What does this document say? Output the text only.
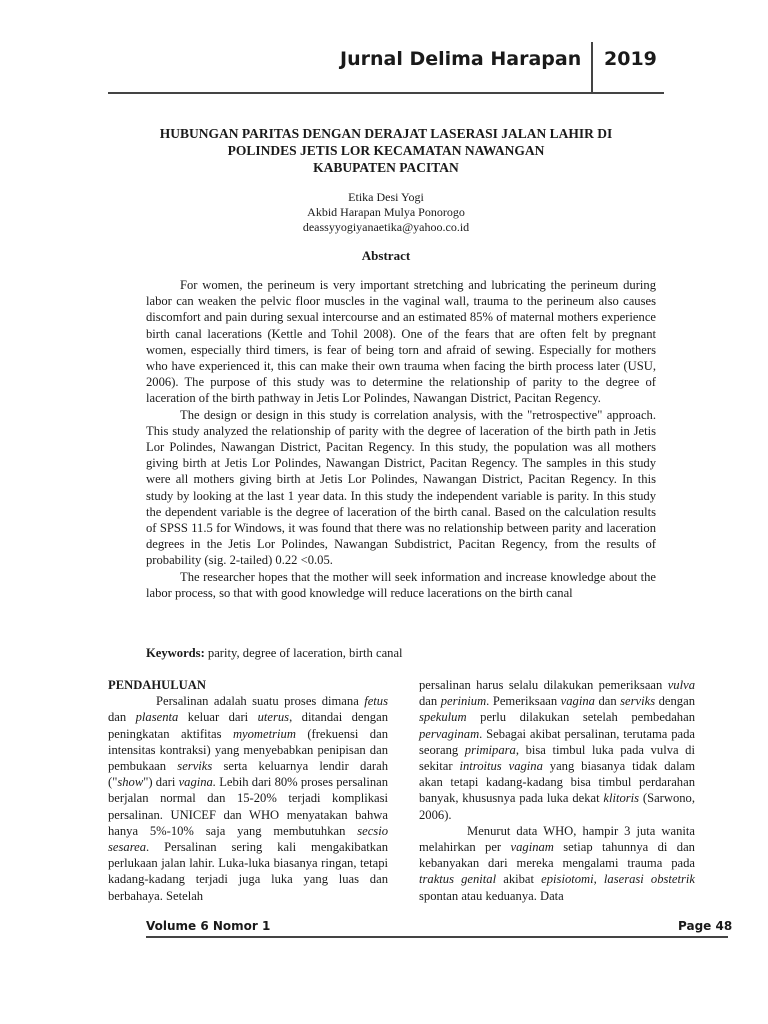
Jurnal Delima Harapan 2019
HUBUNGAN PARITAS DENGAN DERAJAT LASERASI JALAN LAHIR DI
POLINDES JETIS LOR KECAMATAN NAWANGAN
KABUPATEN PACITAN
Etika Desi Yogi
Akbid Harapan Mulya Ponorogo
deassyyogiyanaetika@yahoo.co.id
Abstract

For women, the perineum is very important stretching and lubricating the perineum during labor can weaken the pelvic floor muscles in the vaginal wall, trauma to the perineum also causes discomfort and pain during sexual intercourse and an estimated 85% of maternal mothers experience birth canal lacerations (Kettle and Tohil 2008). One of the fears that are often felt by pregnant women, especially third timers, is fear of being torn and afraid of sewing. Especially for mothers who have experienced it, this can make their own trauma when facing the birth process later (USU, 2006). The purpose of this study was to determine the relationship of parity to the degree of laceration of the birth pathway in Jetis Lor Polindes, Nawangan District, Pacitan Regency.

The design or design in this study is correlation analysis, with the "retrospective" approach. This study analyzed the relationship of parity with the degree of laceration of the birth path in Jetis Lor Polindes, Nawangan District, Pacitan Regency. In this study, the population was all mothers giving birth at Jetis Lor Polindes, Nawangan District, Pacitan Regency. The samples in this study were all mothers giving birth at Jetis Lor Polindes, Nawangan District, Pacitan Regency. In this study by looking at the last 1 year data. In this study the independent variable is parity. In this study the dependent variable is the degree of laceration of the birth canal. Based on the calculation results of SPSS 11.5 for Windows, it was found that there was no relationship between parity and laceration degrees in the Jetis Lor Polindes, Nawangan Subdistrict, Pacitan Regency, from the results of probability (sig. 2-tailed) 0.22 <0.05.

The researcher hopes that the mother will seek information and increase knowledge about the labor process, so that with good knowledge will reduce lacerations on the birth canal

Keywords: parity, degree of laceration, birth canal

PENDAHULUAN

Persalinan adalah suatu proses dimana fetus dan plasenta keluar dari uterus, ditandai dengan peningkatan aktifitas myometrium (frekuensi dan intensitas kontraksi) yang menyebabkan penipisan dan pembukaan serviks serta keluarnya lendir darah ("show") dari vagina. Lebih dari 80% proses persalinan berjalan normal dan 15-20% terjadi komplikasi persalinan. UNICEF dan WHO menyatakan bahwa hanya 5%-10% saja yang membutuhkan secsio sesarea. Persalinan sering kali mengakibatkan perlukaan jalan lahir. Luka-luka biasanya ringan, tetapi kadang-kadang terjadi juga luka yang luas dan berbahaya. Setelah

persalinan harus selalu dilakukan pemeriksaan vulva dan perinium. Pemeriksaan vagina dan serviks dengan spekulum perlu dilakukan setelah pembedahan pervaginam. Sebagai akibat persalinan, terutama pada seorang primipara, bisa timbul luka pada vulva di sekitar introitus vagina yang biasanya tidak dalam akan tetapi kadang-kadang bisa timbul perdarahan banyak, khususnya pada luka dekat klitoris (Sarwono, 2006).

Menurut data WHO, hampir 3 juta wanita melahirkan per vaginam setiap tahunnya di dan kebanyakan dari mereka mengalami trauma pada traktus genital akibat episiotomi, laserasi obstetrik spontan atau keduanya. Data

Volume 6 Nomor 1	Page 48
